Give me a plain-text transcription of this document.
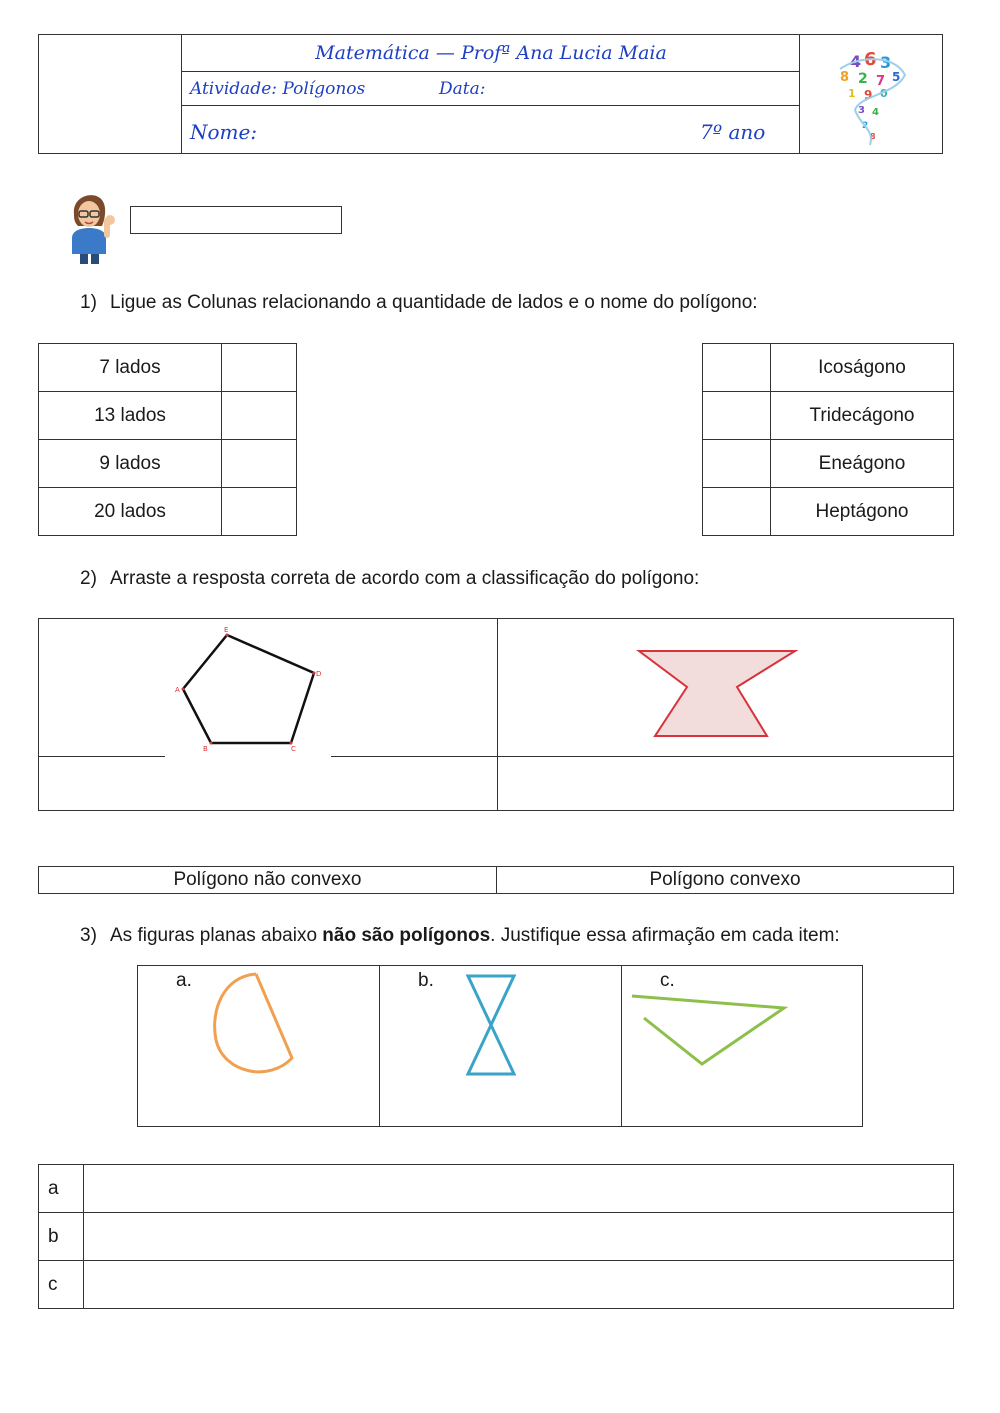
Matemática — Profª Ana Lucia Maia
Atividade: Polígonos	Data:
Nome:	7º ano
4 6 3
8 2 7 5
1 9 0
3 4
2
8
1) Ligue as Colunas relacionando a quantidade de lados e o nome do polígono:
7 lados	
13 lados	
9 lados	
20 lados	
	Icoságono
	Tridecágono
	Eneágono
	Heptágono
2) Arraste a resposta correta de acordo com a classificação do polígono:
E
D
C
B
A
Polígono não convexo	Polígono convexo
3) As figuras planas abaixo não são polígonos. Justifique essa afirmação em cada item:
a.	b.	c.
a	
b	
c	
